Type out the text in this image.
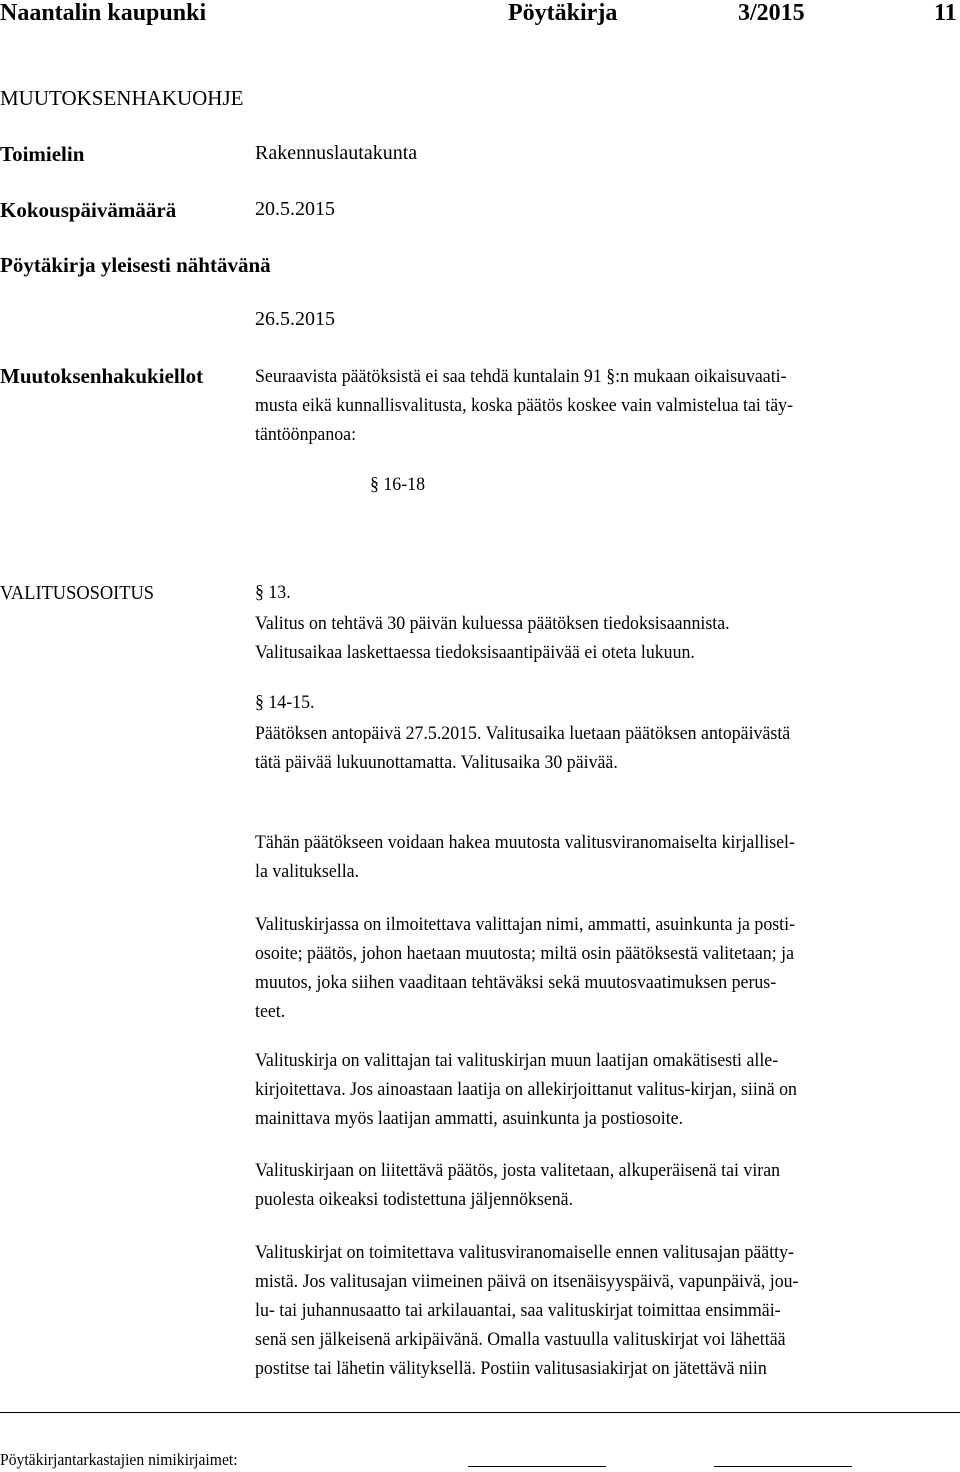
Naantalin kaupunki	Pöytäkirja	3/2015	11
MUUTOKSENHAKUOHJE
Toimielin	Rakennuslautakunta
Kokouspäivämäärä	20.5.2015
Pöytäkirja yleisesti nähtävänä
26.5.2015
Muutoksenhakukiellot	Seuraavista päätöksistä ei saa tehdä kuntalain 91 §:n mukaan oikaisuvaati-
musta eikä kunnallisvalitusta, koska päätös koskee vain valmistelua tai täy-
täntöönpanoa:
§ 16-18
VALITUSOSOITUS	§ 13.
Valitus on tehtävä 30 päivän kuluessa päätöksen tiedoksisaannista.
Valitusaikaa laskettaessa tiedoksisaantipäivää ei oteta lukuun.
§ 14-15.
Päätöksen antopäivä 27.5.2015. Valitusaika luetaan päätöksen antopäivästä
tätä päivää lukuunottamatta. Valitusaika 30 päivää.
Tähän päätökseen voidaan hakea muutosta valitusviranomaiselta kirjallisel-
la valituksella.
Valituskirjassa on ilmoitettava valittajan nimi, ammatti, asuinkunta ja posti-
osoite; päätös, johon haetaan muutosta; miltä osin päätöksestä valitetaan; ja
muutos, joka siihen vaaditaan tehtäväksi sekä muutosvaatimuksen perus-
teet.
Valituskirja on valittajan tai valituskirjan muun laatijan omakätisesti alle-
kirjoitettava. Jos ainoastaan laatija on allekirjoittanut valitus-kirjan, siinä on
mainittava myös laatijan ammatti, asuinkunta ja postiosoite.
Valituskirjaan on liitettävä päätös, josta valitetaan, alkuperäisenä tai viran
puolesta oikeaksi todistettuna jäljennöksenä.
Valituskirjat on toimitettava valitusviranomaiselle ennen valitusajan päätty-
mistä. Jos valitusajan viimeinen päivä on itsenäisyyspäivä, vapunpäivä, jou-
lu- tai juhannusaatto tai arkilauantai, saa valituskirjat toimittaa ensimmäi-
senä sen jälkeisenä arkipäivänä. Omalla vastuulla valituskirjat voi lähettää
postitse tai lähetin välityksellä. Postiin valitusasiakirjat on jätettävä niin
Pöytäkirjantarkastajien nimikirjaimet:
